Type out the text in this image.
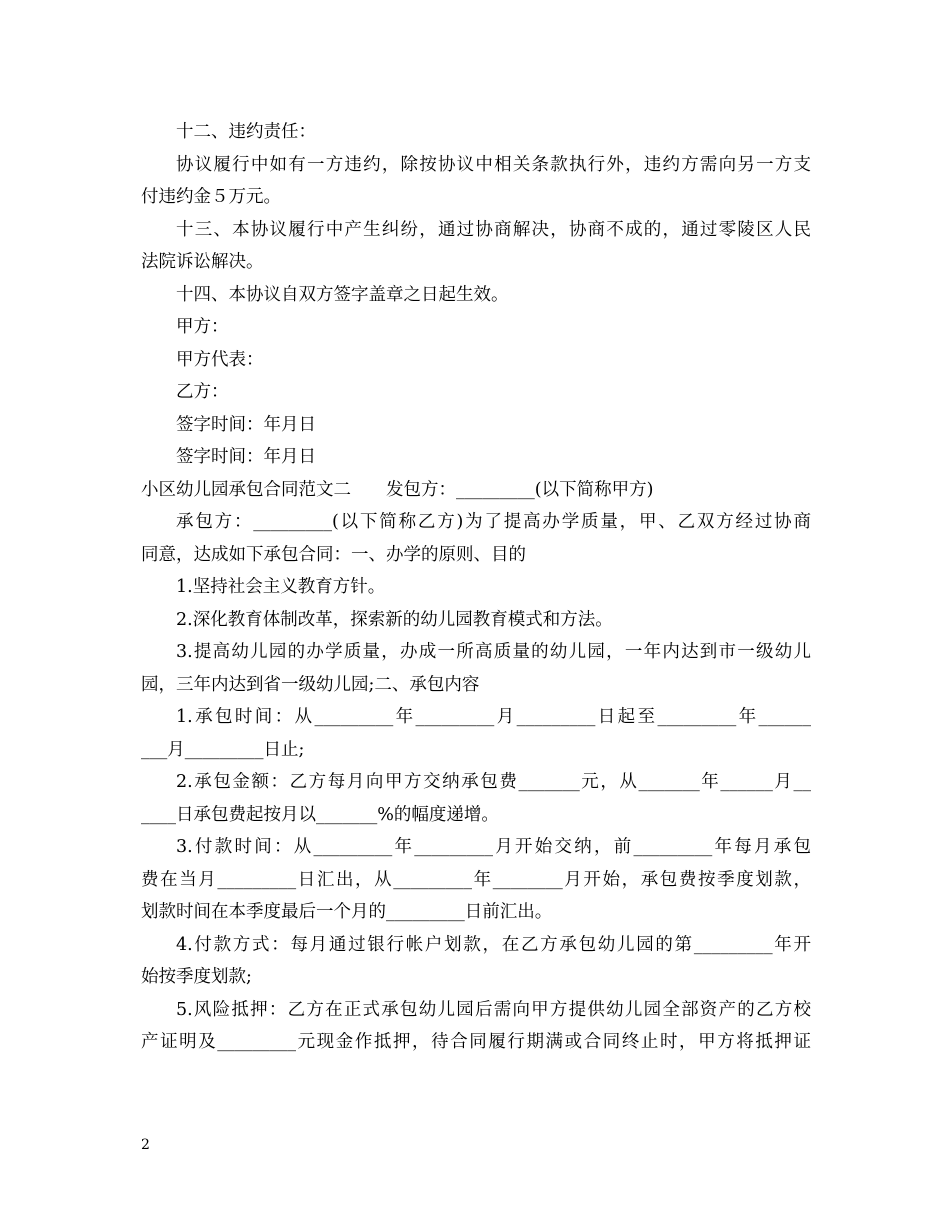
十二、违约责任：
协议履行中如有一方违约，除按协议中相关条款执行外，违约方需向另一方支
付违约金５万元。
十三、本协议履行中产生纠纷，通过协商解决，协商不成的，通过零陵区人民
法院诉讼解决。
十四、本协议自双方签字盖章之日起生效。
甲方：
甲方代表：
乙方：
签字时间：年月日
签字时间：年月日
小区幼儿园承包合同范文二　　发包方：_________(以下简称甲方)
承包方：_________(以下简称乙方)为了提高办学质量，甲、乙双方经过协商
同意，达成如下承包合同：一、办学的原则、目的
1.坚持社会主义教育方针。
2.深化教育体制改革，探索新的幼儿园教育模式和方法。
3.提高幼儿园的办学质量，办成一所高质量的幼儿园，一年内达到市一级幼儿
园，三年内达到省一级幼儿园;二、承包内容
1.承包时间：从_________年_________月_________日起至_________年______
___月_________日止;
2.承包金额：乙方每月向甲方交纳承包费_______元，从_______年______月__
____日承包费起按月以_______%的幅度递增。
3.付款时间：从_________年_________月开始交纳，前_________年每月承包
费在当月_________日汇出，从_________年________月开始，承包费按季度划款，
划款时间在本季度最后一个月的_________日前汇出。
4.付款方式：每月通过银行帐户划款，在乙方承包幼儿园的第_________年开
始按季度划款;
5.风险抵押：乙方在正式承包幼儿园后需向甲方提供幼儿园全部资产的乙方校
产证明及_________元现金作抵押，待合同履行期满或合同终止时，甲方将抵押证
2
